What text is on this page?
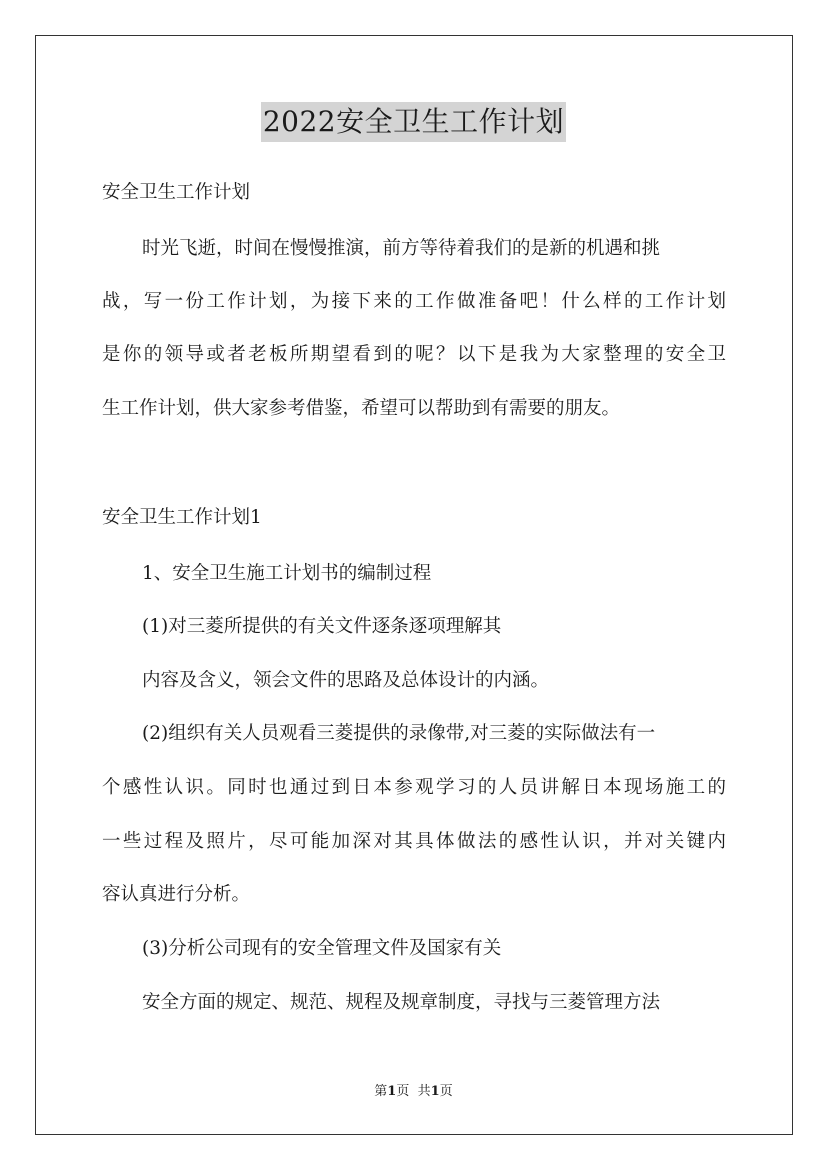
2022安全卫生工作计划
安全卫生工作计划
时光飞逝，时间在慢慢推演，前方等待着我们的是新的机遇和挑
战，写一份工作计划，为接下来的工作做准备吧！什么样的工作计划
是你的领导或者老板所期望看到的呢？以下是我为大家整理的安全卫
生工作计划，供大家参考借鉴，希望可以帮助到有需要的朋友。
安全卫生工作计划1
1、安全卫生施工计划书的编制过程
(1)对三菱所提供的有关文件逐条逐项理解其
内容及含义，领会文件的思路及总体设计的内涵。
(2)组织有关人员观看三菱提供的录像带,对三菱的实际做法有一
个感性认识。同时也通过到日本参观学习的人员讲解日本现场施工的
一些过程及照片，尽可能加深对其具体做法的感性认识，并对关键内
容认真进行分析。
(3)分析公司现有的安全管理文件及国家有关
安全方面的规定、规范、规程及规章制度，寻找与三菱管理方法
第1页 共1页
